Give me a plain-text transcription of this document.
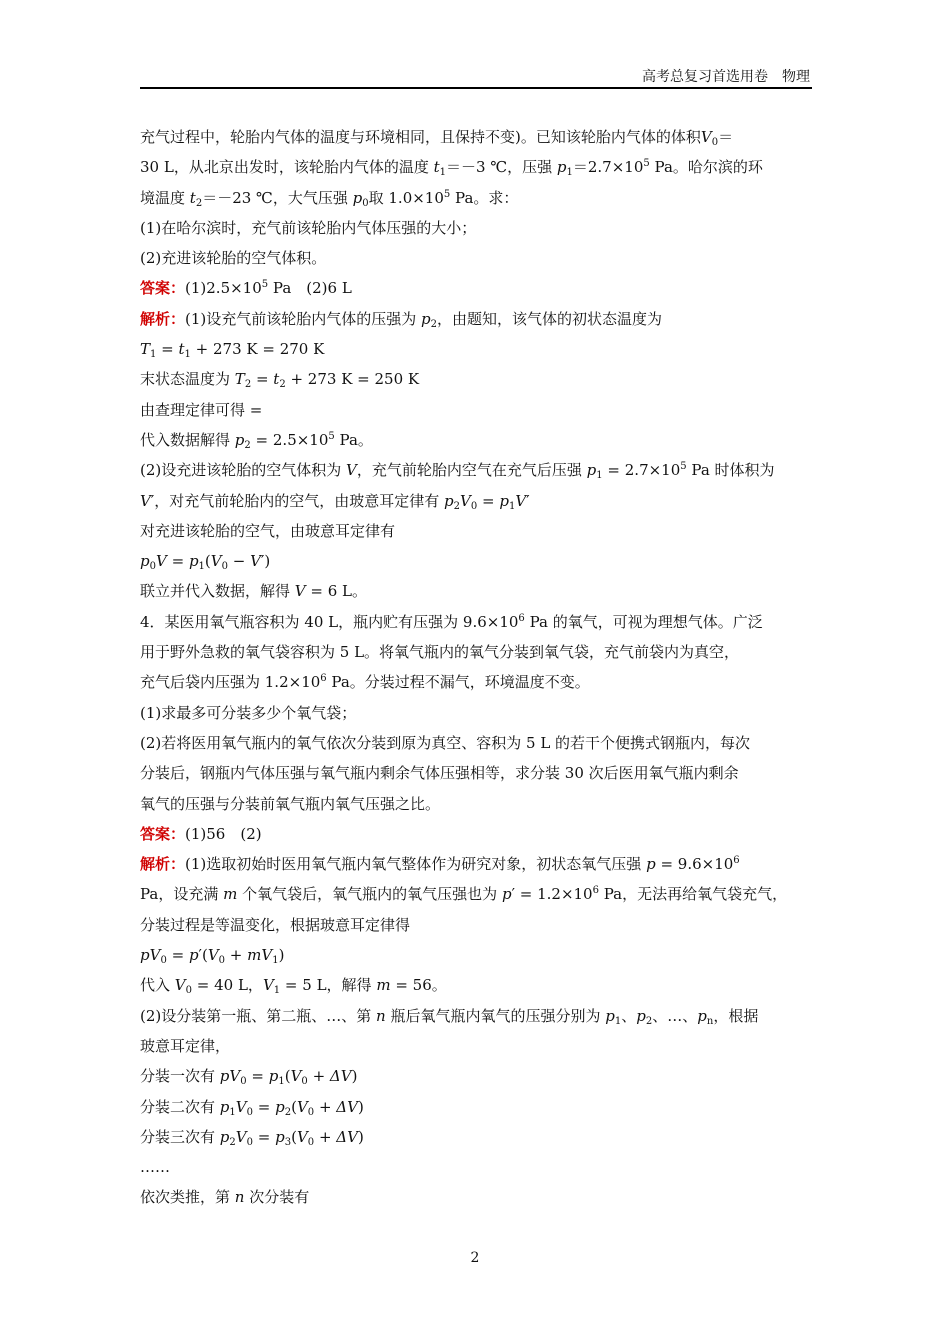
高考总复习首选用卷　物理
充气过程中，轮胎内气体的温度与环境相同，且保持不变)。已知该轮胎内气体的体积$V_0=$
30 L，从北京出发时，该轮胎内气体的温度 $t_1=-3$ ℃，压强 $p_1=2.7\times 10^5$ Pa。哈尔滨的环
境温度 $t_2=-23$ ℃，大气压强 $p_0$取 $1.0\times 10^5$ Pa。求：
(1)在哈尔滨时，充气前该轮胎内气体压强的大小；
(2)充进该轮胎的空气体积。
答案：$(1)2.5\times 10^5$ Pa　(2)6 L
解析：(1)设充气前该轮胎内气体的压强为 $p_2$，由题知，该气体的初状态温度为
$T_1 = t_1 + 273$ K = 270 K
末状态温度为 $T_2 = t_2 + 273$ K = 250 K
由查理定律可得 =
代入数据解得 $p_2 = 2.5\times 10^5$ Pa。
(2)设充进该轮胎的空气体积为 V，充气前轮胎内空气在充气后压强 $p_1 = 2.7\times 10^5$ Pa 时体积为
V′，对充气前轮胎内的空气，由玻意耳定律有 $p_2V_0 = p_1V'$
对充进该轮胎的空气，由玻意耳定律有
$p_0V = p_1(V_0 - V')$
联立并代入数据，解得 V = 6 L。
4．某医用氧气瓶容积为 40 L，瓶内贮有压强为 $9.6\times 10^6$ Pa 的氧气，可视为理想气体。广泛
用于野外急救的氧气袋容积为 5 L。将氧气瓶内的氧气分装到氧气袋，充气前袋内为真空，
充气后袋内压强为 $1.2\times 10^6$ Pa。分装过程不漏气，环境温度不变。
(1)求最多可分装多少个氧气袋；
(2)若将医用氧气瓶内的氧气依次分装到原为真空、容积为 5 L 的若干个便携式钢瓶内，每次
分装后，钢瓶内气体压强与氧气瓶内剩余气体压强相等，求分装 30 次后医用氧气瓶内剩余
氧气的压强与分装前氧气瓶内氧气压强之比。
答案：(1)56　(2)
解析：(1)选取初始时医用氧气瓶内氧气整体作为研究对象，初状态氧气压强 $p = 9.6\times 10^6$
Pa，设充满 m 个氧气袋后，氧气瓶内的氧气压强也为 $p' = 1.2\times 10^6$ Pa，无法再给氧气袋充气，
分装过程是等温变化，根据玻意耳定律得
$pV_0 = p'(V_0 + mV_1)$
代入 $V_0 = 40$ L，$V_1 = 5$ L，解得 m = 56。
(2)设分装第一瓶、第二瓶、…、第 n 瓶后氧气瓶内氧气的压强分别为 $p_1$、$p_2$、…、$p_n$，根据
玻意耳定律，
分装一次有 $pV_0 = p_1(V_0 + \Delta V)$
分装二次有 $p_1V_0 = p_2(V_0 + \Delta V)$
分装三次有 $p_2V_0 = p_3(V_0 + \Delta V)$
……
依次类推，第 n 次分装有
2
